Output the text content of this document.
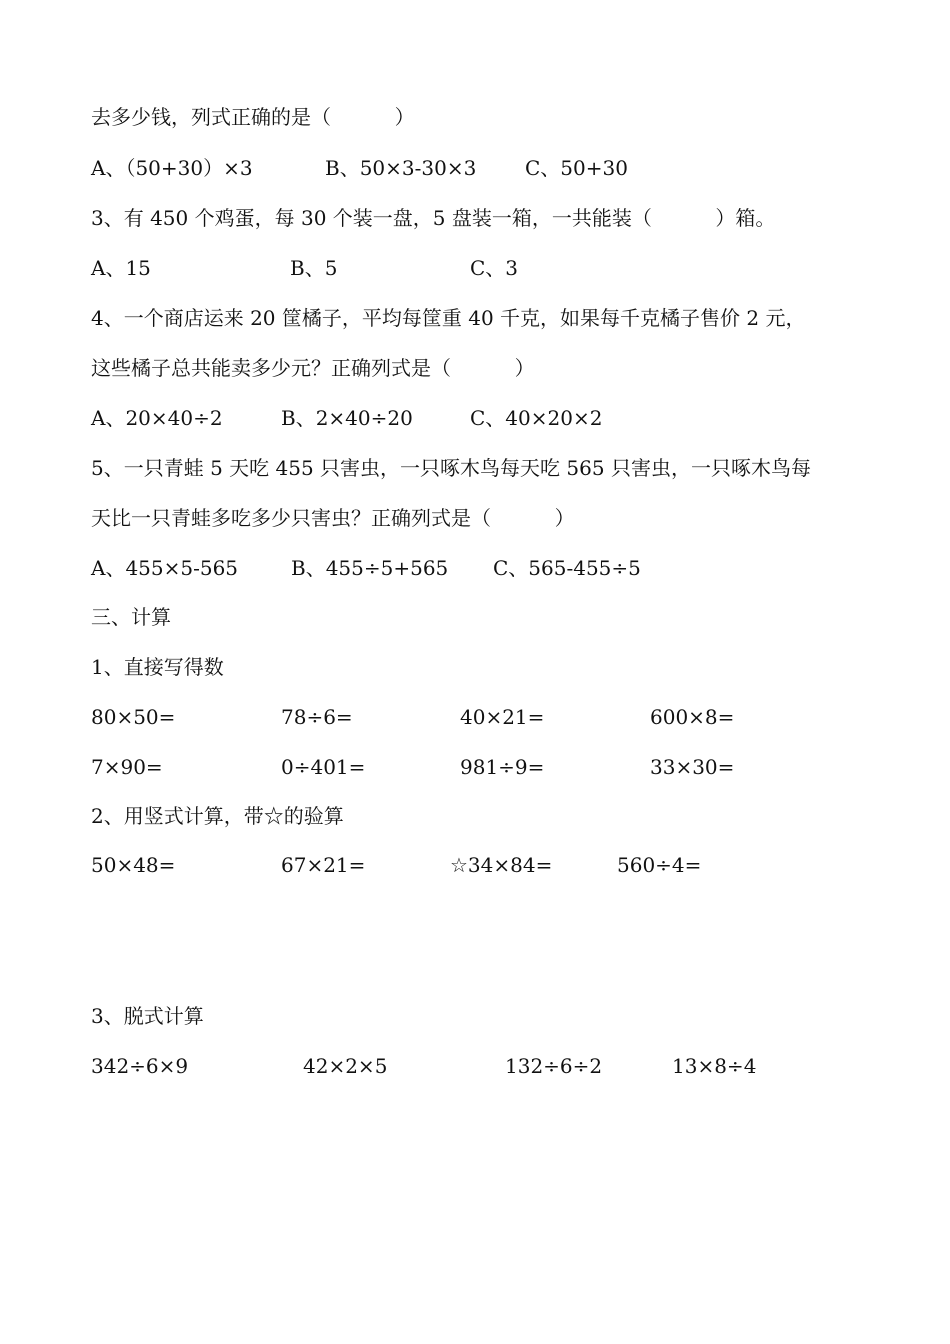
去多少钱，列式正确的是（          ）
A、（50+30）×3	B、50×3-30×3 C、50+30
3、有 450 个鸡蛋，每 30 个装一盘，5 盘装一箱，一共能装（          ）箱。
A、15	B、5	C、3
4、一个商店运来 20 筐橘子，平均每筐重 40 千克，如果每千克橘子售价 2 元，
这些橘子总共能卖多少元？正确列式是（          ）
A、20×40÷2	B、2×40÷20	C、40×20×2
5、一只青蛙 5 天吃 455 只害虫，一只啄木鸟每天吃 565 只害虫，一只啄木鸟每
天比一只青蛙多吃多少只害虫？正确列式是（          ）
A、455×5-565	B、455÷5+565 C、565-455÷5
三、计算
1、直接写得数
80×50=	78÷6=	40×21=	600×8=
7×90=	0÷401=	981÷9=	33×30=
2、用竖式计算，带☆的验算
50×48=	67×21=	☆34×84=	560÷4=
3、脱式计算
342÷6×9	42×2×5	132÷6÷2	13×8÷4
